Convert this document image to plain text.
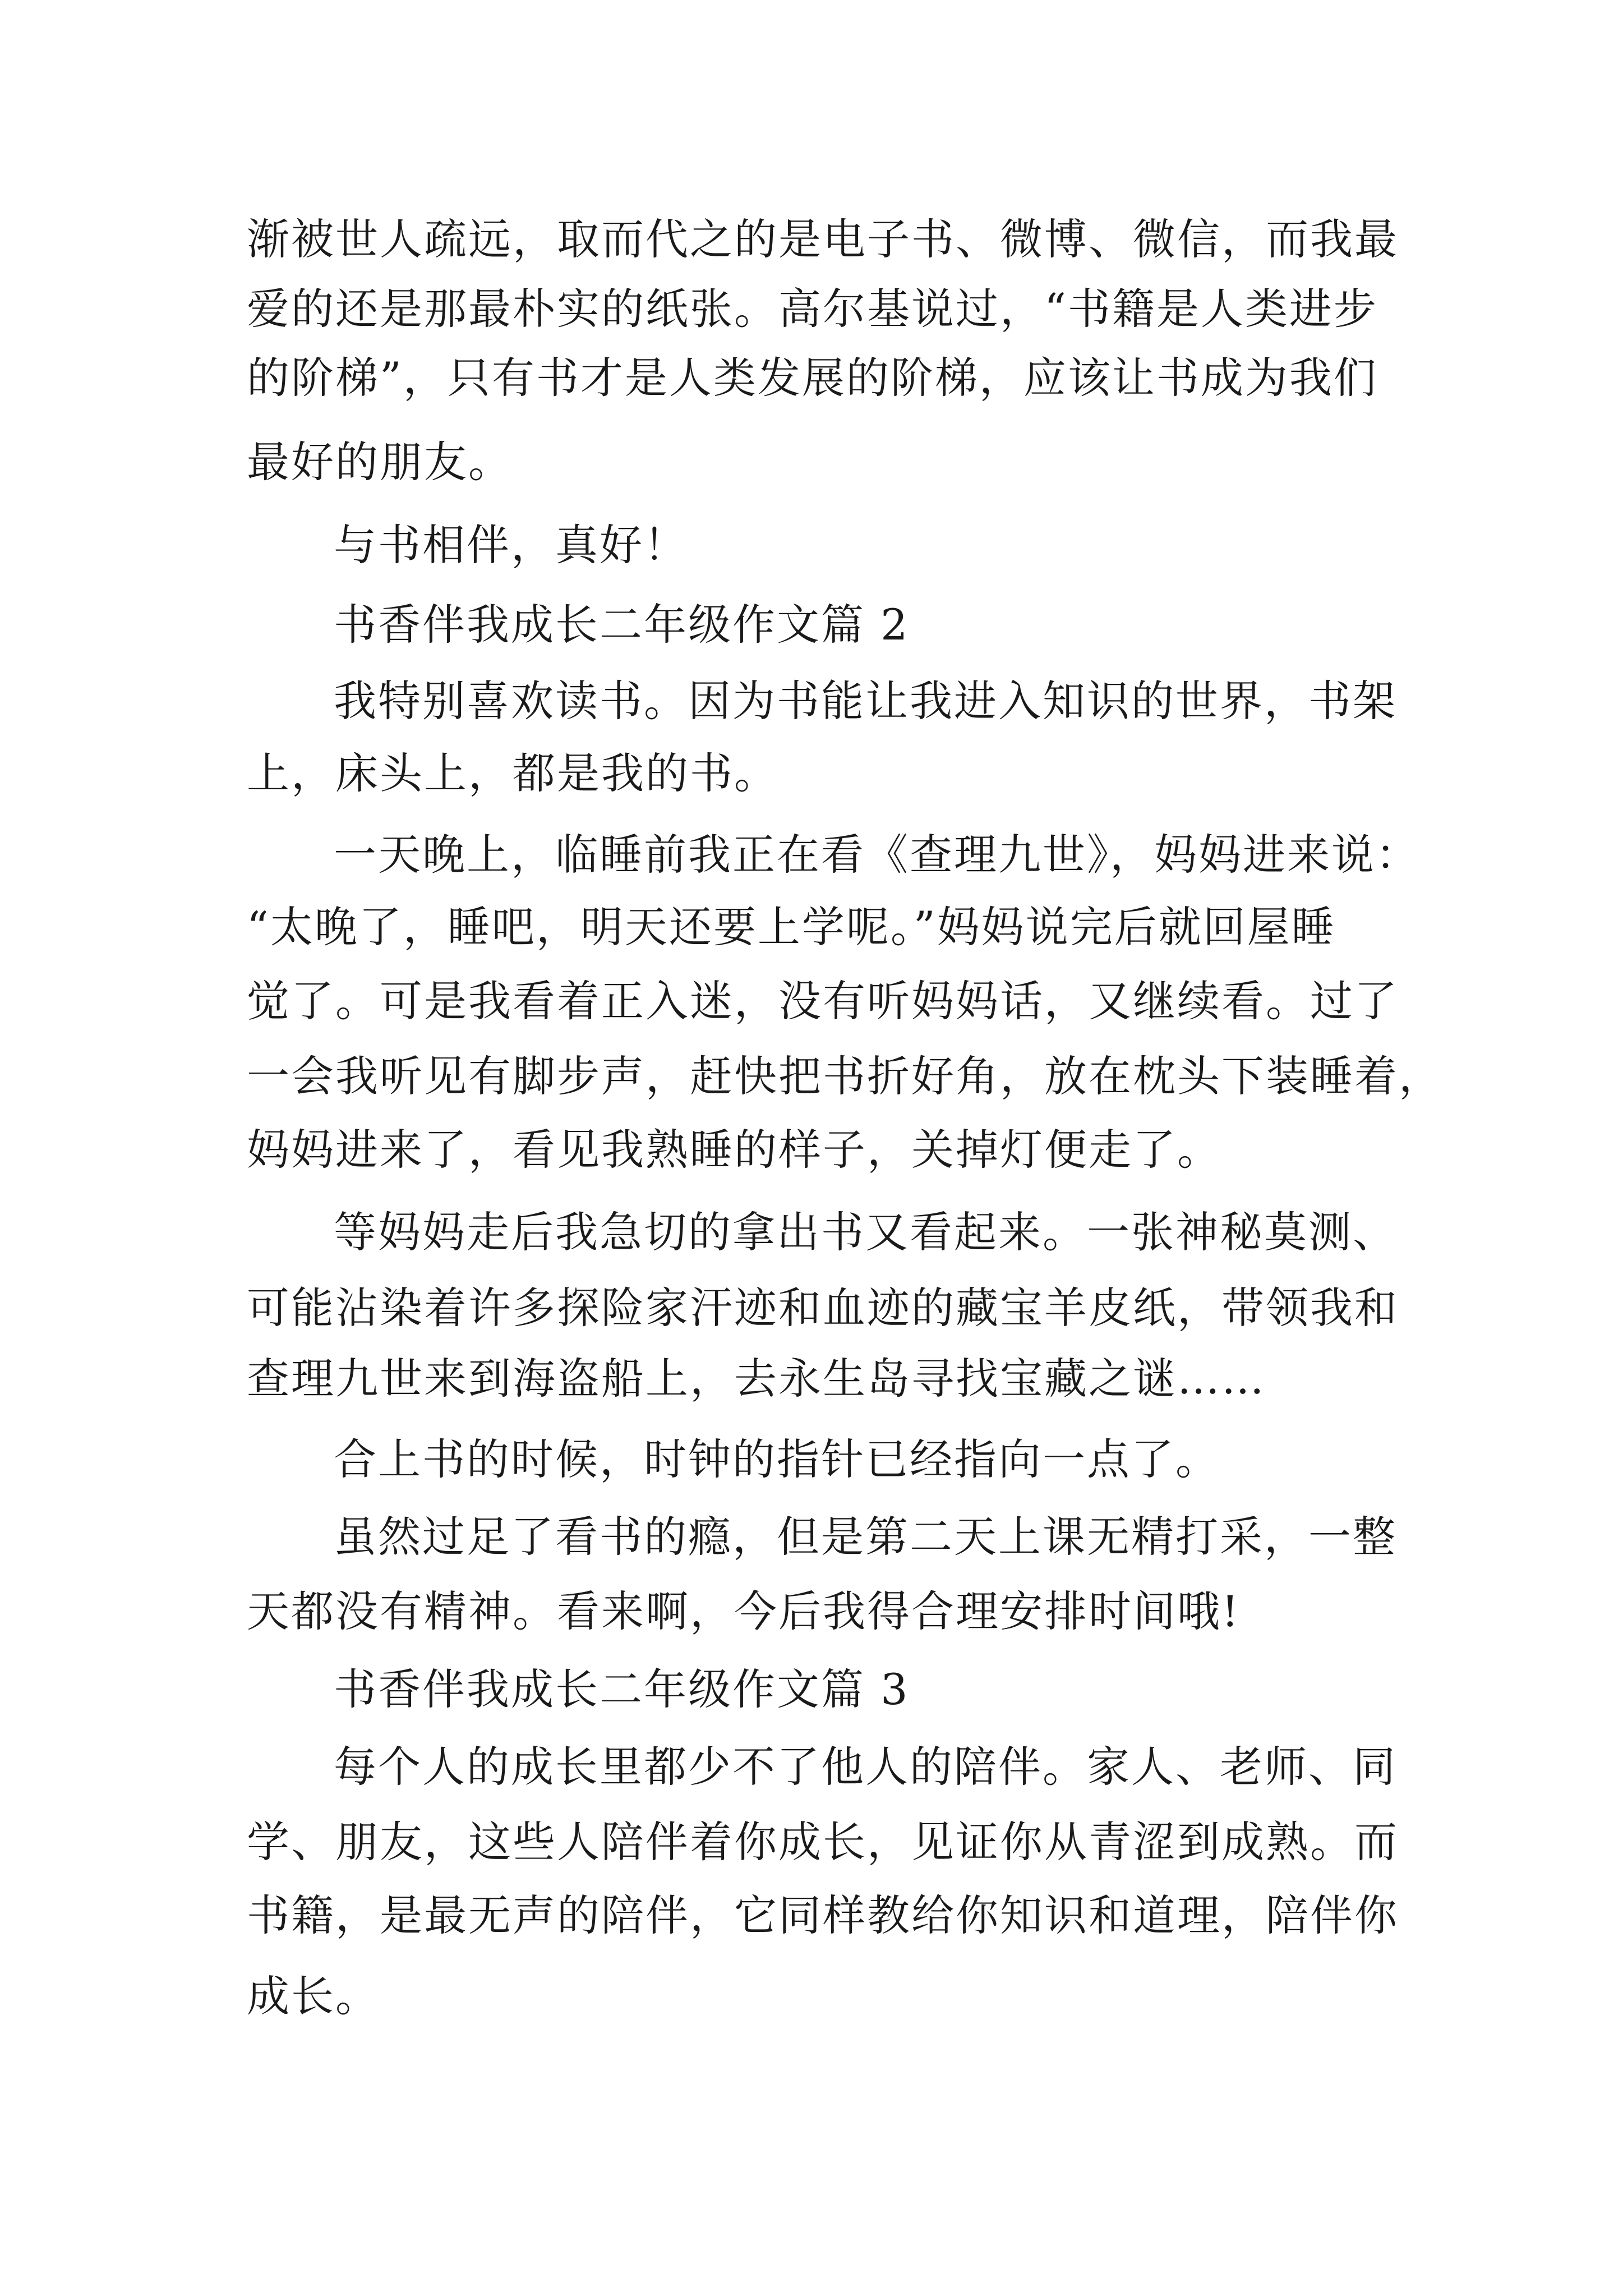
渐被世人疏远，取而代之的是电子书、微博、微信，而我最
爱的还是那最朴实的纸张。高尔基说过，“书籍是人类进步
的阶梯”，只有书才是人类发展的阶梯，应该让书成为我们
最好的朋友。
与书相伴，真好！
书香伴我成长二年级作文篇 2
我特别喜欢读书。因为书能让我进入知识的世界，书架
上，床头上，都是我的书。
一天晚上，临睡前我正在看《查理九世》，妈妈进来说：
“太晚了，睡吧，明天还要上学呢。”妈妈说完后就回屋睡
觉了。可是我看着正入迷，没有听妈妈话，又继续看。过了
一会我听见有脚步声，赶快把书折好角，放在枕头下装睡着，
妈妈进来了，看见我熟睡的样子，关掉灯便走了。
等妈妈走后我急切的拿出书又看起来。一张神秘莫测、
可能沾染着许多探险家汗迹和血迹的藏宝羊皮纸，带领我和
查理九世来到海盗船上，去永生岛寻找宝藏之谜……
合上书的时候，时钟的指针已经指向一点了。
虽然过足了看书的瘾，但是第二天上课无精打采，一整
天都没有精神。看来啊，今后我得合理安排时间哦!
书香伴我成长二年级作文篇 3
每个人的成长里都少不了他人的陪伴。家人、老师、同
学、朋友，这些人陪伴着你成长，见证你从青涩到成熟。而
书籍，是最无声的陪伴，它同样教给你知识和道理，陪伴你
成长。
